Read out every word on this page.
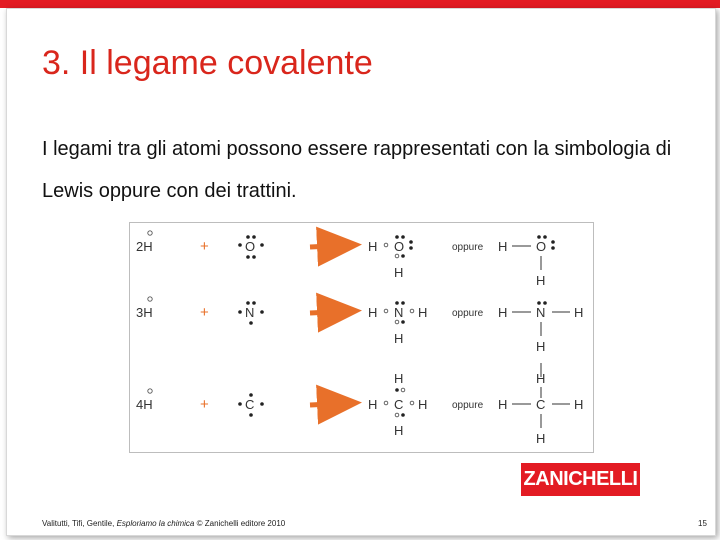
3. Il legame covalente
I legami tra gli atomi possono essere rappresentati con la simbologia di Lewis oppure con dei trattini.
2H	+	O	H O
H
oppure H O
H
3H	+	N	H N H
H
oppure H N H
H
4H	+	C
H
H C H
H
oppure
H
H C H
H
ZANICHELLI
Valitutti, Tifi, Gentile, Esploriamo la chimica © Zanichelli editore 2010	15
